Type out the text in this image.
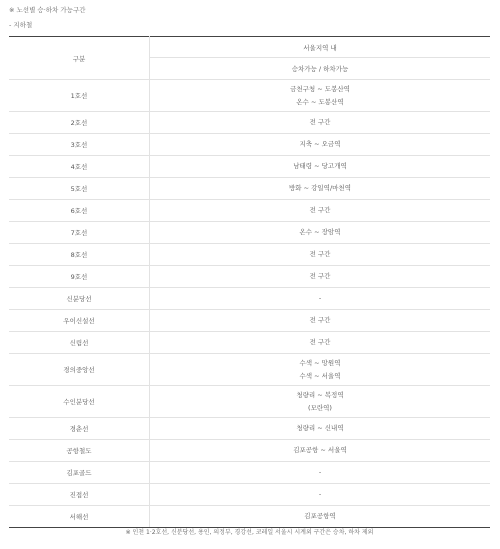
※ 노선별 승·하차 가능구간
- 지하철
구분	서울지역 내
	승차가능 / 하차가능
1호선	금천구청 ~ 도봉산역
온수 ~ 도봉산역

2호선	전 구간

3호선	지축 ~ 오금역

4호선	남태령 ~ 당고개역

5호선	방화 ~ 강일역/마천역

6호선	전 구간

7호선	온수 ~ 장암역

8호선	전 구간

9호선	전 구간

신분당선	-

우이신설선	전 구간

신림선	전 구간

경의중앙선	수색 ~ 망원역
수색 ~ 서울역

수인분당선	청량리 ~ 복정역
(모란역)

경춘선	청량리 ~ 신내역

공항철도	김포공항 ~ 서울역

김포골드	-

진접선	-

서해선	김포공항역
※ 인천 1·2호선, 신분당선, 용인, 의정부, 경강선, 코레일 서울시 시계외 구간은 승차, 하차 제외
